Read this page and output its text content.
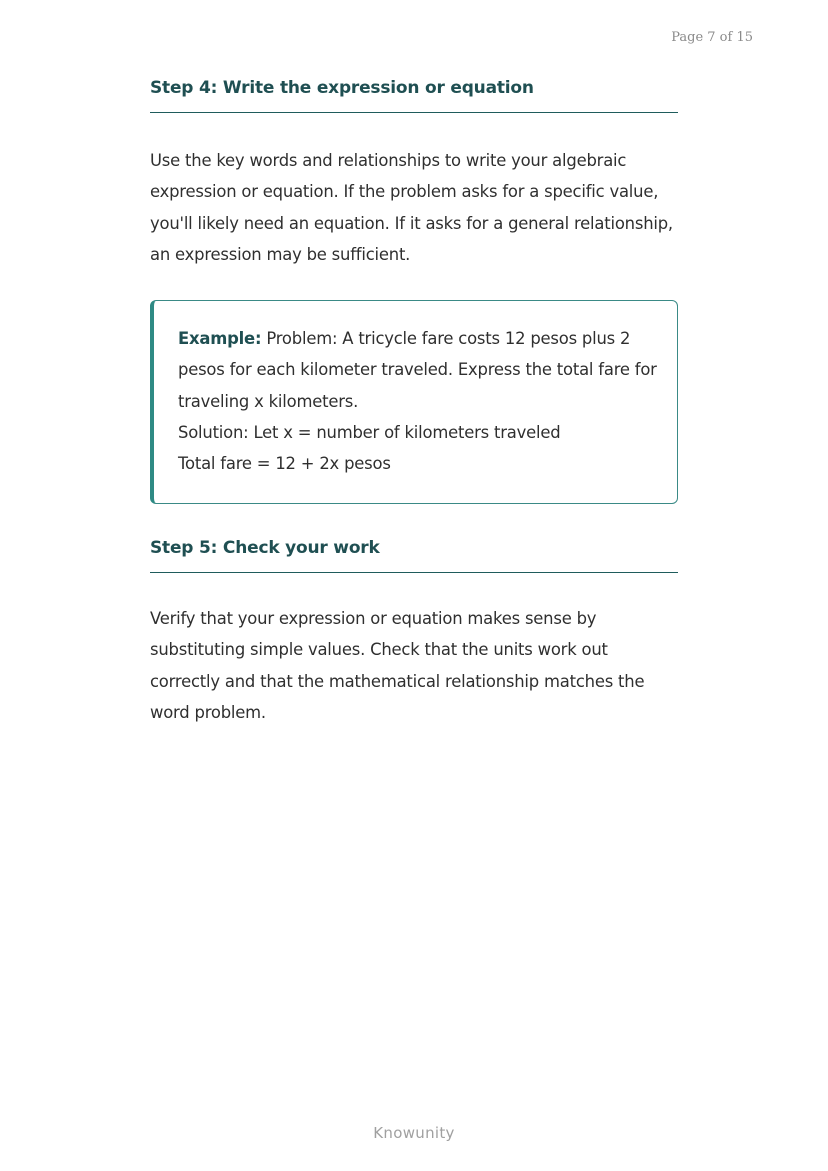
Page 7 of 15
Step 4: Write the expression or equation

Use the key words and relationships to write your algebraic expression or equation. If the problem asks for a specific value, you'll likely need an equation. If it asks for a general relationship, an expression may be sufficient.

Example: Problem: A tricycle fare costs 12 pesos plus 2 pesos for each kilometer traveled. Express the total fare for traveling x kilometers.

Solution: Let x = number of kilometers traveled

Total fare = 12 + 2x pesos

Step 5: Check your work

Verify that your expression or equation makes sense by substituting simple values. Check that the units work out correctly and that the mathematical relationship matches the word problem.

Knowunity
